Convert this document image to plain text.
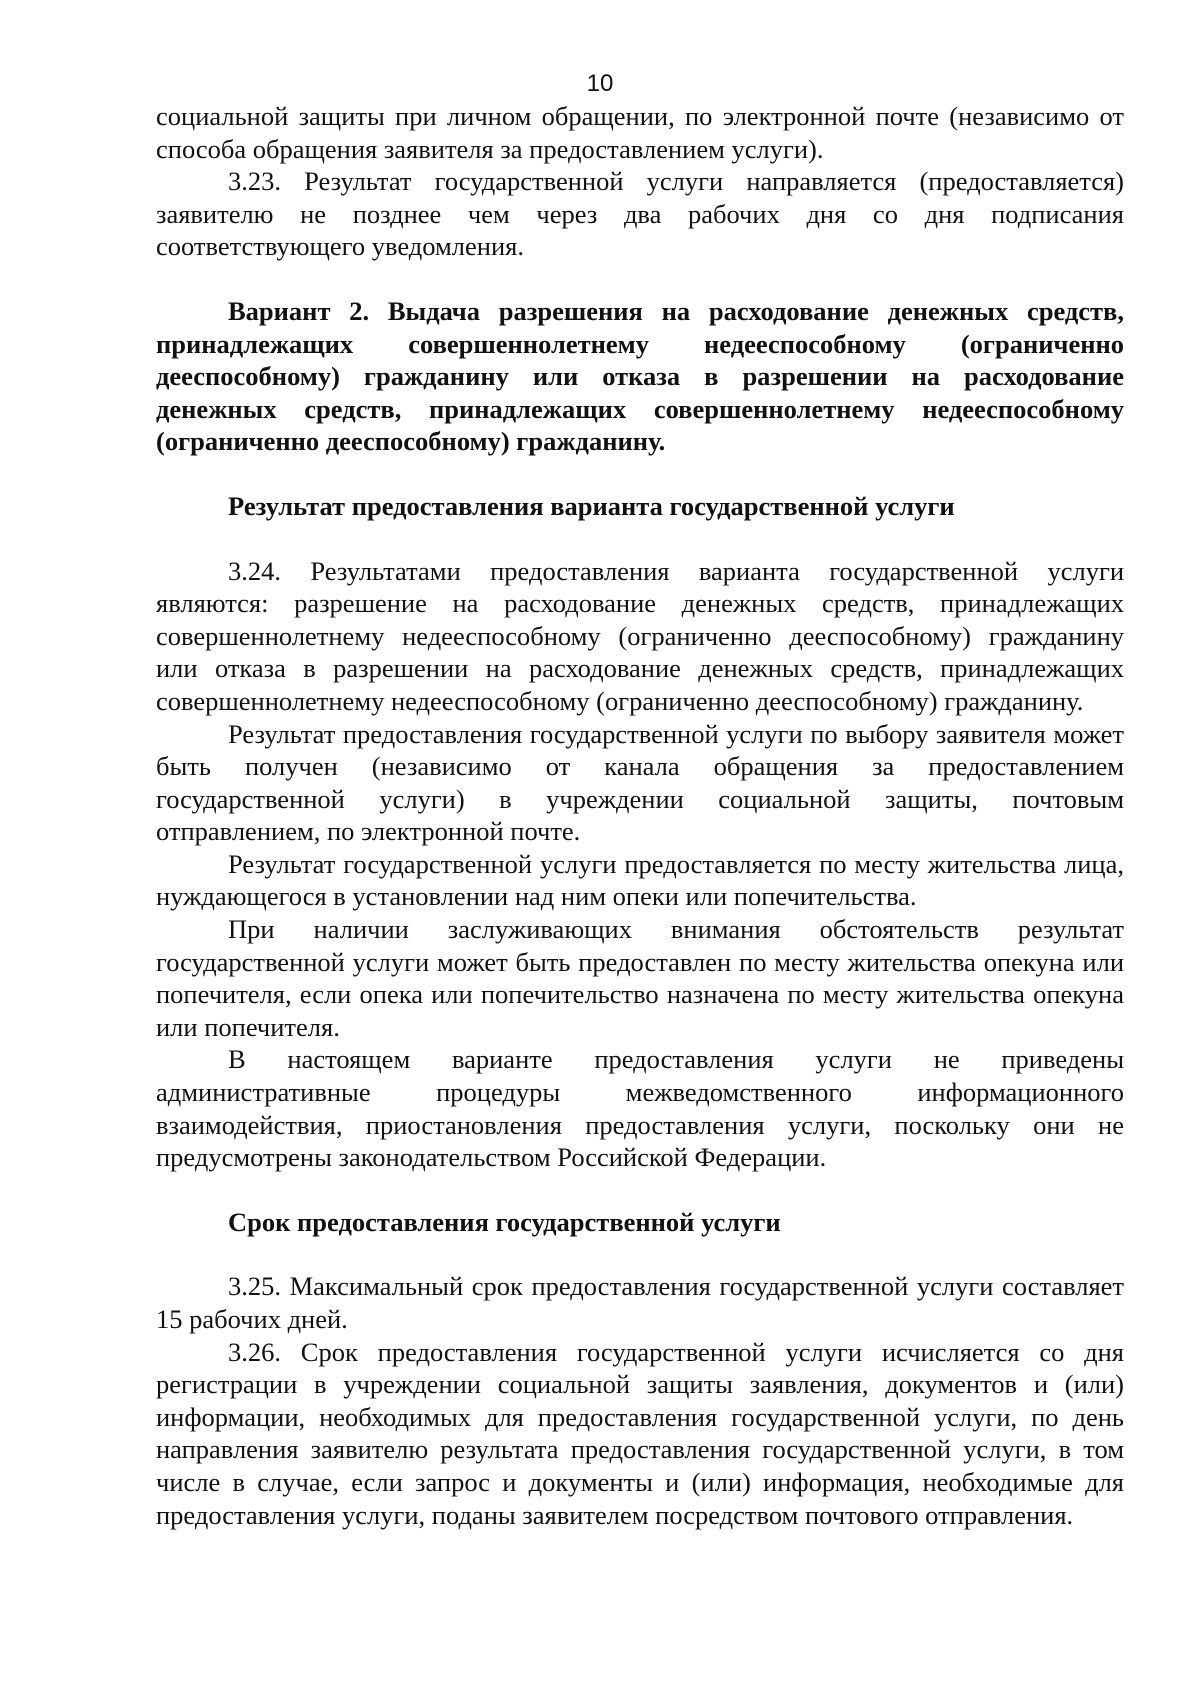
10

социальной защиты при личном обращении, по электронной почте (независимо от способа обращения заявителя за предоставлением услуги).

3.23. Результат государственной услуги направляется (предоставляется) заявителю не позднее чем через два рабочих дня со дня подписания соответствующего уведомления.

Вариант 2. Выдача разрешения на расходование денежных средств, принадлежащих совершеннолетнему недееспособному (ограниченно дееспособному) гражданину или отказа в разрешении на расходование денежных средств, принадлежащих совершеннолетнему недееспособному (ограниченно дееспособному) гражданину.

Результат предоставления варианта государственной услуги

3.24. Результатами предоставления варианта государственной услуги являются: разрешение на расходование денежных средств, принадлежащих совершеннолетнему недееспособному (ограниченно дееспособному) гражданину или отказа в разрешении на расходование денежных средств, принадлежащих совершеннолетнему недееспособному (ограниченно дееспособному) гражданину.

Результат предоставления государственной услуги по выбору заявителя может быть получен (независимо от канала обращения за предоставлением государственной услуги) в учреждении социальной защиты, почтовым отправлением, по электронной почте.

Результат государственной услуги предоставляется по месту жительства лица, нуждающегося в установлении над ним опеки или попечительства.

При наличии заслуживающих внимания обстоятельств результат государственной услуги может быть предоставлен по месту жительства опекуна или попечителя, если опека или попечительство назначена по месту жительства опекуна или попечителя.

В настоящем варианте предоставления услуги не приведены административные процедуры межведомственного информационного взаимодействия, приостановления предоставления услуги, поскольку они не предусмотрены законодательством Российской Федерации.

Срок предоставления государственной услуги

3.25. Максимальный срок предоставления государственной услуги составляет 15 рабочих дней.

3.26. Срок предоставления государственной услуги исчисляется со дня регистрации в учреждении социальной защиты заявления, документов и (или) информации, необходимых для предоставления государственной услуги, по день направления заявителю результата предоставления государственной услуги, в том числе в случае, если запрос и документы и (или) информация, необходимые для предоставления услуги, поданы заявителем посредством почтового отправления.
